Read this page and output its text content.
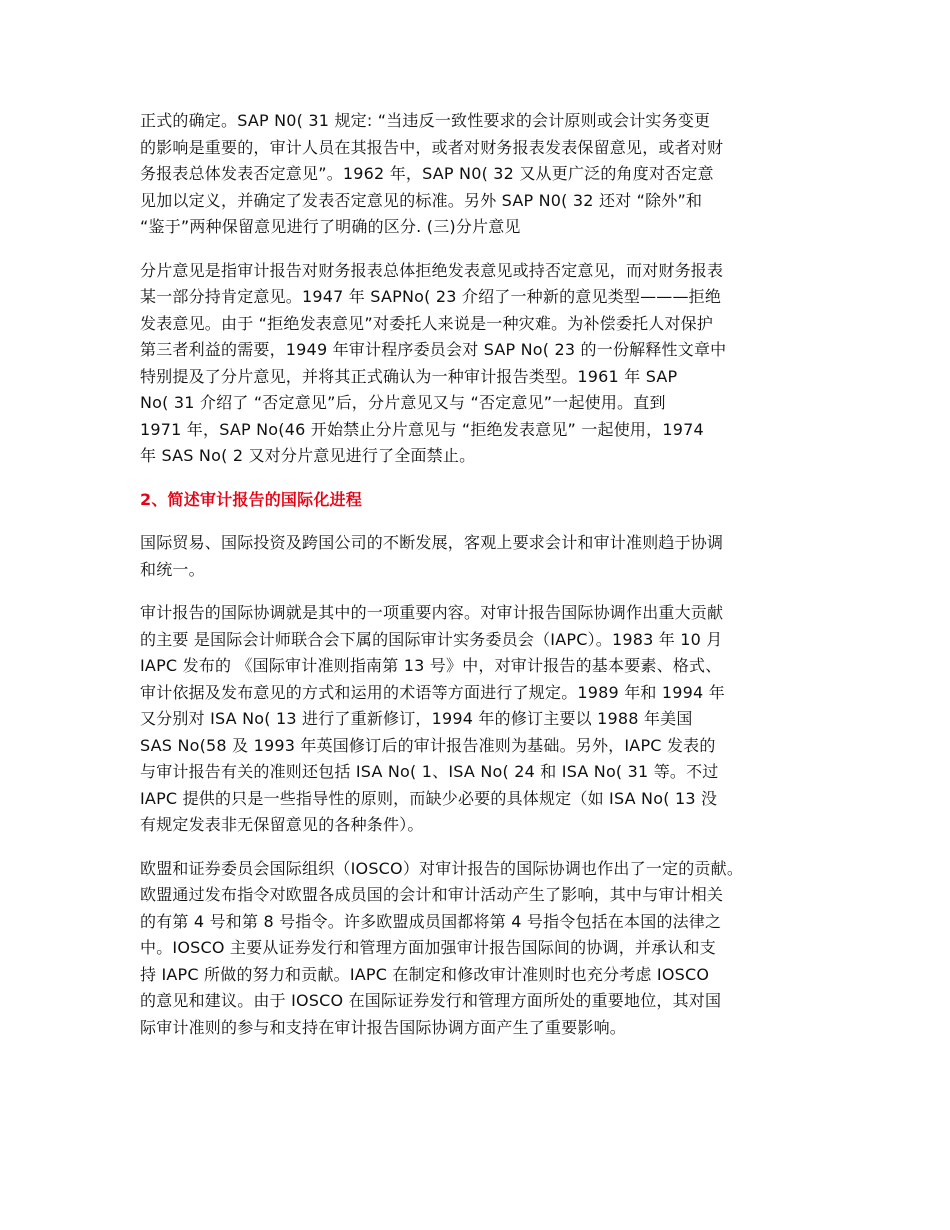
正式的确定。SAP N0( 31 规定: “当违反一致性要求的会计原则或会计实务变更
的影响是重要的，审计人员在其报告中，或者对财务报表发表保留意见，或者对财
务报表总体发表否定意见”。1962 年，SAP N0( 32 又从更广泛的角度对否定意
见加以定义，并确定了发表否定意见的标准。另外 SAP N0( 32 还对 “除外”和
“鉴于”两种保留意见进行了明确的区分. (三)分片意见
分片意见是指审计报告对财务报表总体拒绝发表意见或持否定意见，而对财务报表
某一部分持肯定意见。1947 年 SAPNo( 23 介绍了一种新的意见类型———拒绝
发表意见。由于 “拒绝发表意见”对委托人来说是一种灾难。为补偿委托人对保护
第三者利益的需要，1949 年审计程序委员会对 SAP No( 23 的一份解释性文章中
特别提及了分片意见，并将其正式确认为一种审计报告类型。1961 年 SAP
No( 31 介绍了 “否定意见”后，分片意见又与 “否定意见”一起使用。直到
1971 年，SAP No(46 开始禁止分片意见与 “拒绝发表意见” 一起使用，1974
年 SAS No( 2 又对分片意见进行了全面禁止。
2、简述审计报告的国际化进程
国际贸易、国际投资及跨国公司的不断发展，客观上要求会计和审计准则趋于协调
和统一。
审计报告的国际协调就是其中的一项重要内容。对审计报告国际协调作出重大贡献
的主要 是国际会计师联合会下属的国际审计实务委员会（IAPC）。1983 年 10 月
IAPC 发布的 《国际审计准则指南第 13 号》中，对审计报告的基本要素、格式、
审计依据及发布意见的方式和运用的术语等方面进行了规定。1989 年和 1994 年
又分别对 ISA No( 13 进行了重新修订，1994 年的修订主要以 1988 年美国
SAS No(58 及 1993 年英国修订后的审计报告准则为基础。另外，IAPC 发表的
与审计报告有关的准则还包括 ISA No( 1、ISA No( 24 和 ISA No( 31 等。不过
IAPC 提供的只是一些指导性的原则，而缺少必要的具体规定（如 ISA No( 13 没
有规定发表非无保留意见的各种条件）。
欧盟和证券委员会国际组织（IOSCO）对审计报告的国际协调也作出了一定的贡献。
欧盟通过发布指令对欧盟各成员国的会计和审计活动产生了影响，其中与审计相关
的有第 4 号和第 8 号指令。许多欧盟成员国都将第 4 号指令包括在本国的法律之
中。IOSCO 主要从证券发行和管理方面加强审计报告国际间的协调，并承认和支
持 IAPC 所做的努力和贡献。IAPC 在制定和修改审计准则时也充分考虑 IOSCO
的意见和建议。由于 IOSCO 在国际证券发行和管理方面所处的重要地位，其对国
际审计准则的参与和支持在审计报告国际协调方面产生了重要影响。
